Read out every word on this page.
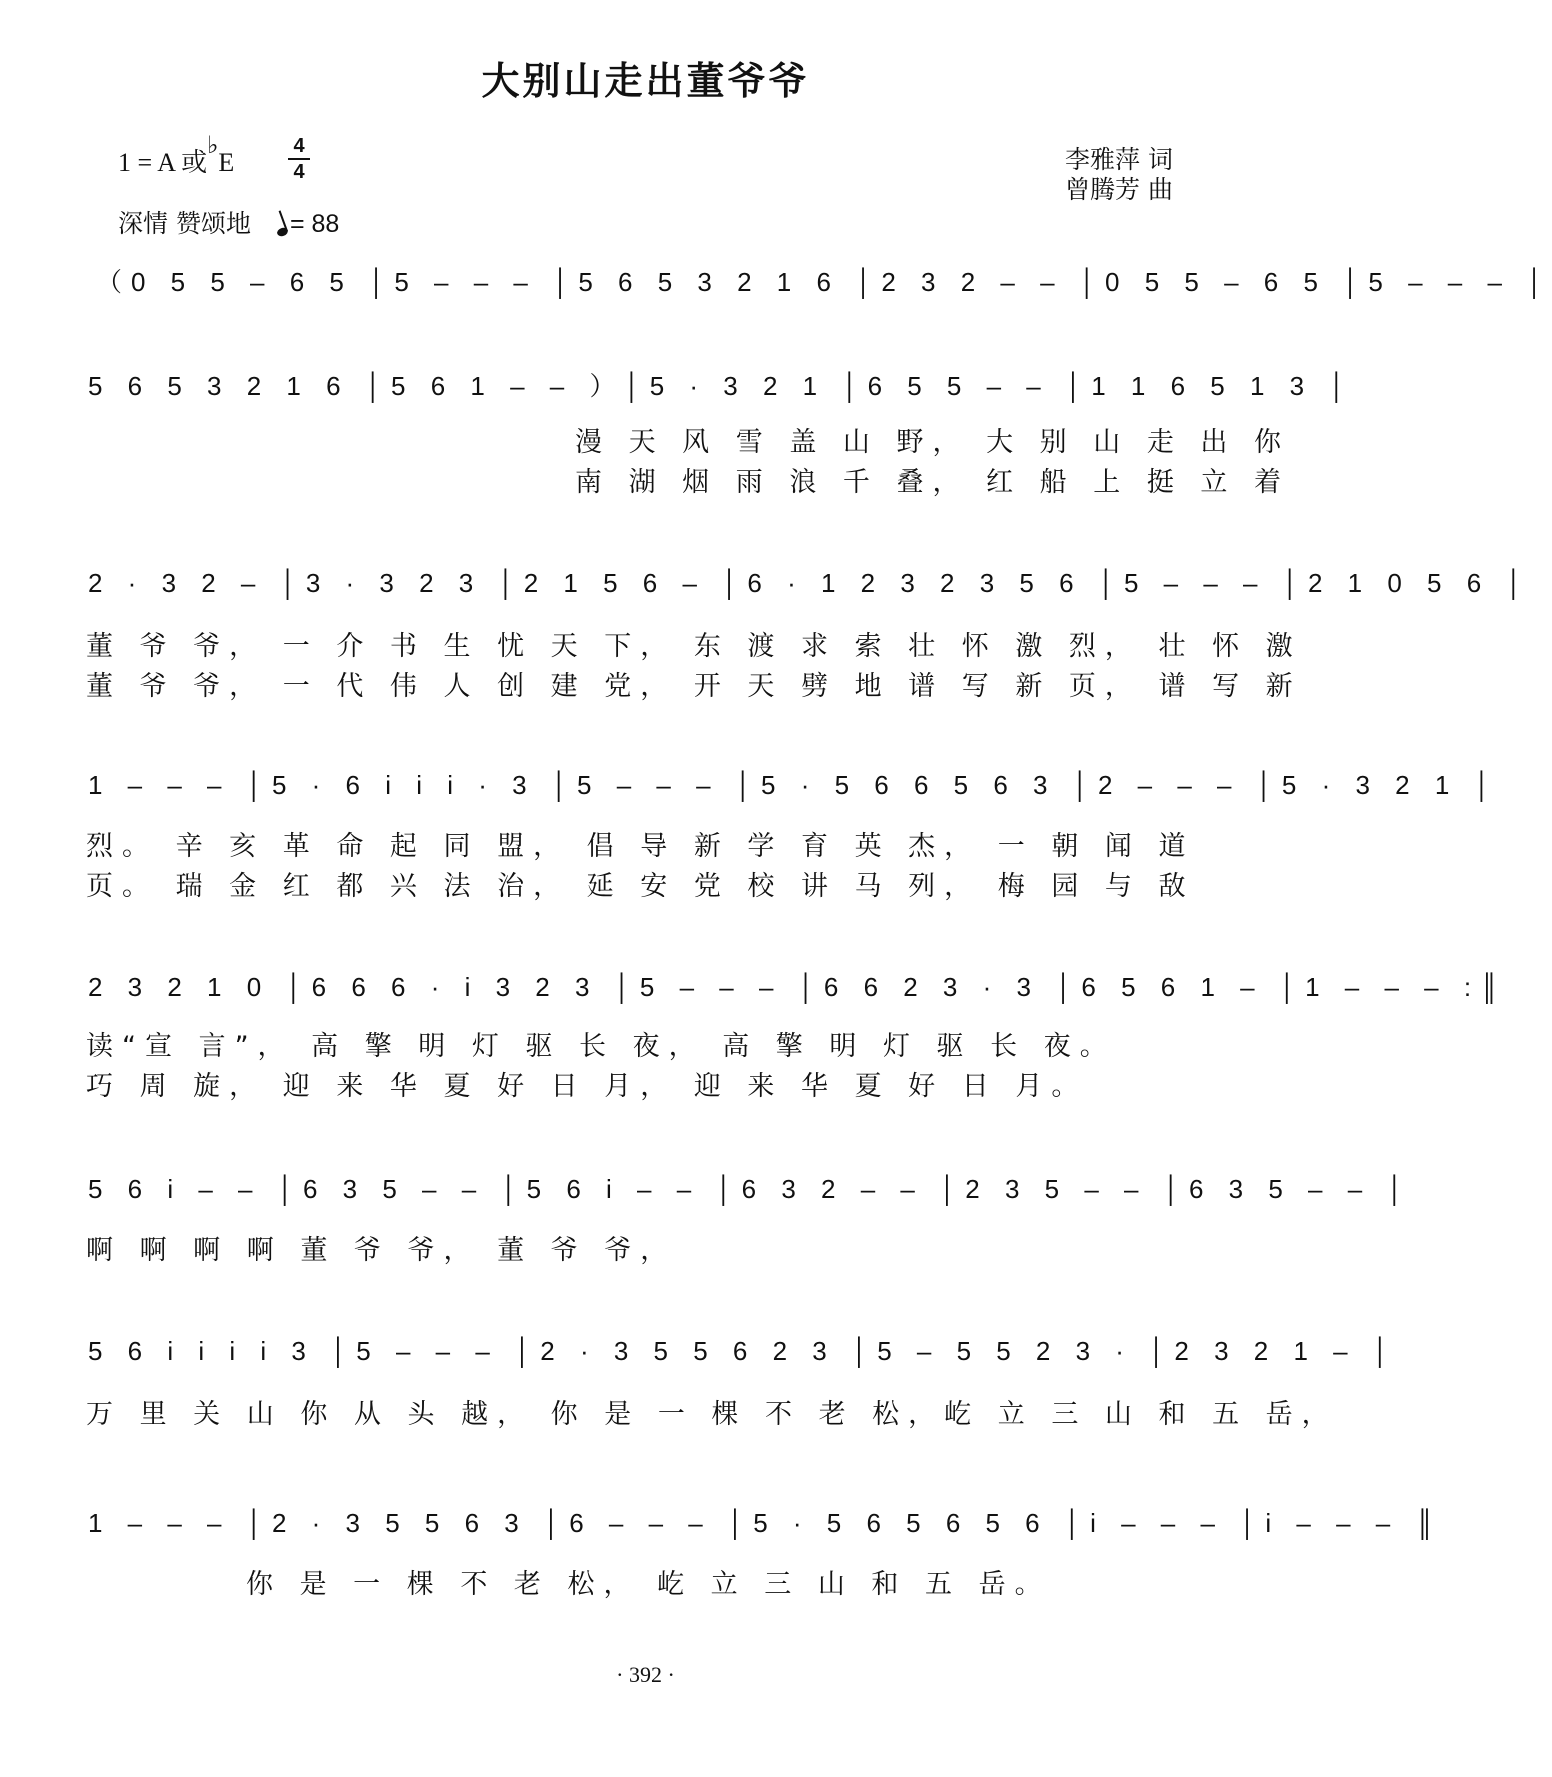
大别山走出董爷爷
1 = A 或♭E
4
4
深情 赞颂地 = 88
李雅萍 词
曾腾芳 曲
（0 5 5 – 6 5 │5 – – – │5 6 5 3 2 1 6 │2 3 2 – – │0 5 5 – 6 5 │5 – – – │
5 6 5 3 2 1 6 │5 6 1 – – ）│5 · 3 2 1 │6 5 5 – – │1 1 6 5 1 3 │
漫 天 风 雪 盖 山 野， 大 别 山 走 出 你
南 湖 烟 雨 浪 千 叠， 红 船 上 挺 立 着
2 · 3 2 – │3 · 3 2 3 │2 1 5 6 – │6 · 1 2 3 2 3 5 6 │5 – – – │2 1 0 5 6 │
董 爷 爷， 一 介 书 生 忧 天 下， 东 渡 求 索 壮 怀 激 烈， 壮 怀 激
董 爷 爷， 一 代 伟 人 创 建 党， 开 天 劈 地 谱 写 新 页， 谱 写 新
1 – – – │5 · 6 i i i · 3 │5 – – – │5 · 5 6 6 5 6 3 │2 – – – │5 · 3 2 1 │
烈。 辛 亥 革 命 起 同 盟， 倡 导 新 学 育 英 杰， 一 朝 闻 道
页。 瑞 金 红 都 兴 法 治， 延 安 党 校 讲 马 列， 梅 园 与 敌
2 3 2 1 0 │6 6 6 · i 3 2 3 │5 – – – │6 6 2 3 · 3 │6 5 6 1 – │1 – – – :║
读“宣 言”， 高 擎 明 灯 驱 长 夜， 高 擎 明 灯 驱 长 夜。
巧 周 旋， 迎 来 华 夏 好 日 月， 迎 来 华 夏 好 日 月。
5 6 i – – │6 3 5 – – │5 6 i – – │6 3 2 – – │2 3 5 – – │6 3 5 – – │
啊 啊 啊 啊 董 爷 爷， 董 爷 爷，
5 6 i i i i 3 │5 – – – │2 · 3 5 5 6 2 3 │5 – 5 5 2 3 · │2 3 2 1 – │
万 里 关 山 你 从 头 越， 你 是 一 棵 不 老 松，屹 立 三 山 和 五 岳，
1 – – – │2 · 3 5 5 6 3 │6 – – – │5 · 5 6 5 6 5 6 │i – – – │i – – – ║
你 是 一 棵 不 老 松， 屹 立 三 山 和 五 岳。
· 392 ·
